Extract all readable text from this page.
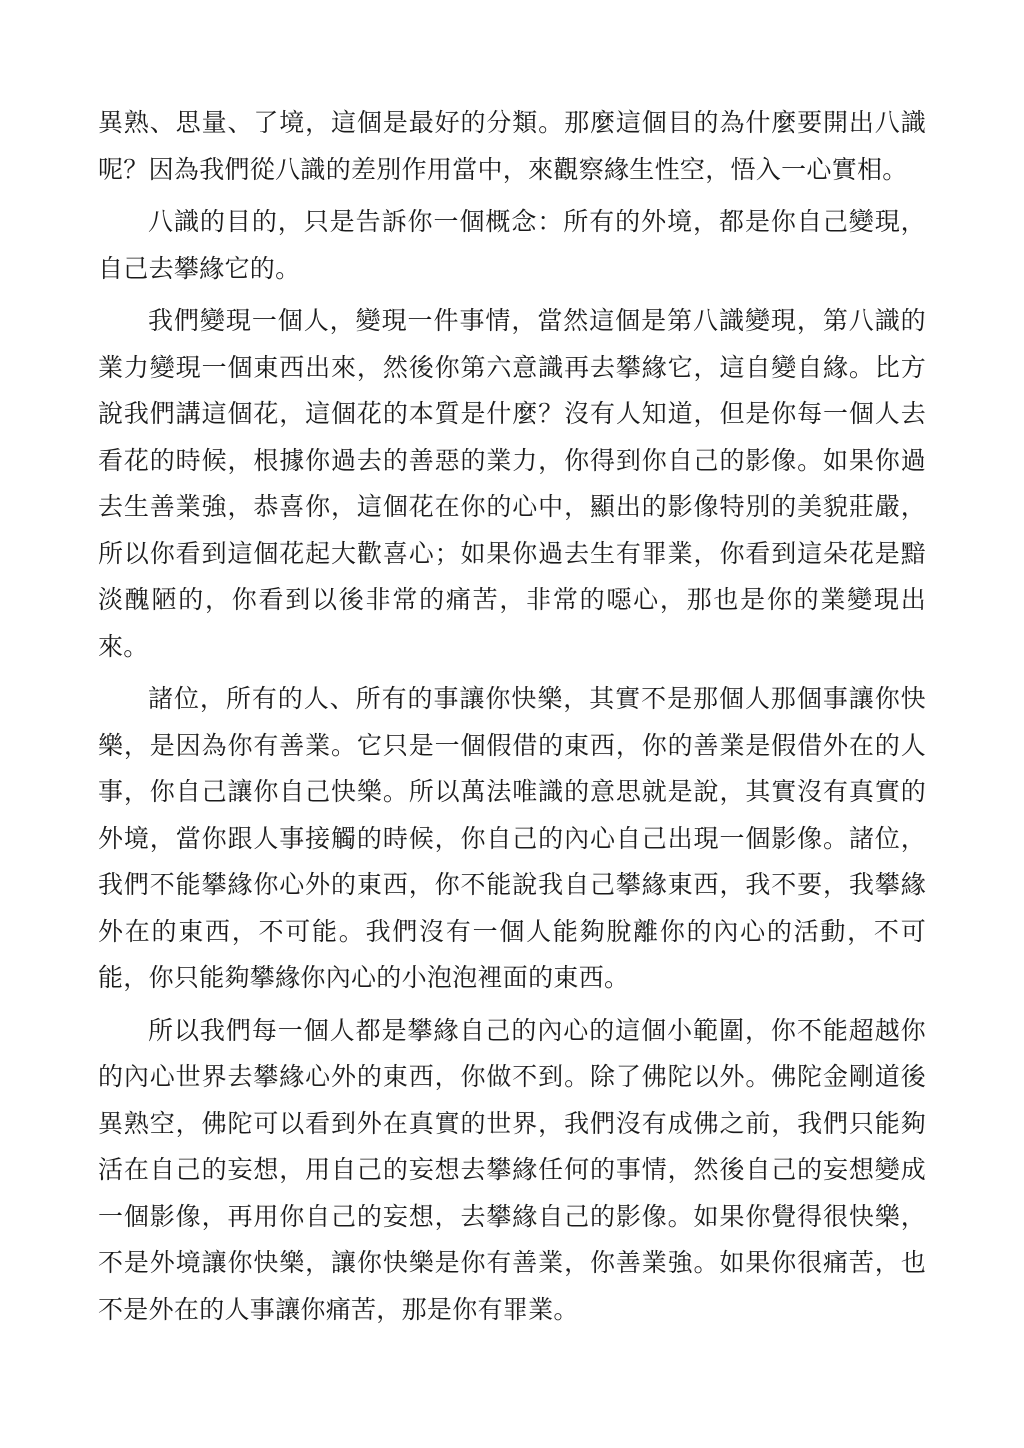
異熟、思量、了境，這個是最好的分類。那麼這個目的為什麼要開出八識呢？因為我們從八識的差別作用當中，來觀察緣生性空，悟入一心實相。

八識的目的，只是告訴你一個概念：所有的外境，都是你自己變現，自己去攀緣它的。

我們變現一個人，變現一件事情，當然這個是第八識變現，第八識的業力變現一個東西出來，然後你第六意識再去攀緣它，這自變自緣。比方說我們講這個花，這個花的本質是什麼？沒有人知道，但是你每一個人去看花的時候，根據你過去的善惡的業力，你得到你自己的影像。如果你過去生善業強，恭喜你，這個花在你的心中，顯出的影像特別的美貌莊嚴，所以你看到這個花起大歡喜心；如果你過去生有罪業，你看到這朵花是黯淡醜陋的，你看到以後非常的痛苦，非常的噁心，那也是你的業變現出來。

諸位，所有的人、所有的事讓你快樂，其實不是那個人那個事讓你快樂，是因為你有善業。它只是一個假借的東西，你的善業是假借外在的人事，你自己讓你自己快樂。所以萬法唯識的意思就是說，其實沒有真實的外境，當你跟人事接觸的時候，你自己的內心自己出現一個影像。諸位，我們不能攀緣你心外的東西，你不能說我自己攀緣東西，我不要，我攀緣外在的東西，不可能。我們沒有一個人能夠脫離你的內心的活動，不可能，你只能夠攀緣你內心的小泡泡裡面的東西。

所以我們每一個人都是攀緣自己的內心的這個小範圍，你不能超越你的內心世界去攀緣心外的東西，你做不到。除了佛陀以外。佛陀金剛道後異熟空，佛陀可以看到外在真實的世界，我們沒有成佛之前，我們只能夠活在自己的妄想，用自己的妄想去攀緣任何的事情，然後自己的妄想變成一個影像，再用你自己的妄想，去攀緣自己的影像。如果你覺得很快樂，不是外境讓你快樂，讓你快樂是你有善業，你善業強。如果你很痛苦，也不是外在的人事讓你痛苦，那是你有罪業。
